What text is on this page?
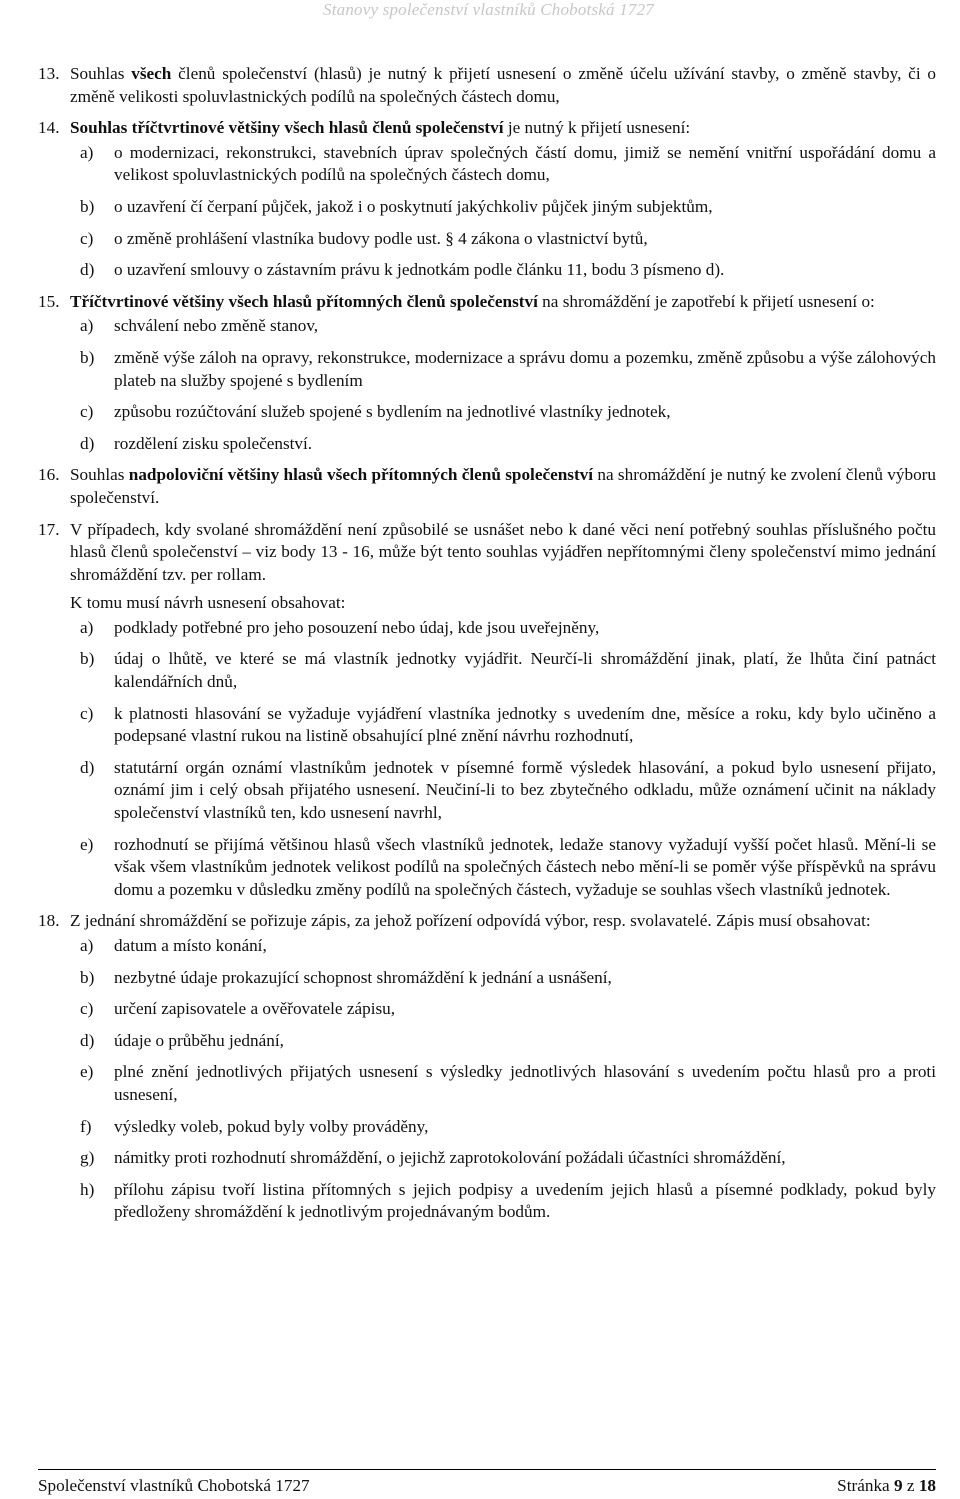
Stanovy společenství vlastníků Chobotská 1727
13. Souhlas všech členů společenství (hlasů) je nutný k přijetí usnesení o změně účelu užívání stavby, o změně stavby, či o změně velikosti spoluvlastnických podílů na společných částech domu,

14. Souhlas tříčtvrtinové většiny všech hlasů členů společenství je nutný k přijetí usnesení:

a) o modernizaci, rekonstrukci, stavebních úprav společných částí domu, jimiž se nemění vnitřní uspořádání domu a velikost spoluvlastnických podílů na společných částech domu,
b) o uzavření čí čerpaní půjček, jakož i o poskytnutí jakýchkoliv půjček jiným subjektům,
c) o změně prohlášení vlastníka budovy podle ust. § 4 zákona o vlastnictví bytů,
d) o uzavření smlouvy o zástavním právu k jednotkám podle článku 11, bodu 3 písmeno d).
15. Tříčtvrtinové většiny všech hlasů přítomných členů společenství na shromáždění je zapotřebí k přijetí usnesení o:

a) schválení nebo změně stanov,
b) změně výše záloh na opravy, rekonstrukce, modernizace a správu domu a pozemku, změně způsobu a výše zálohových plateb na služby spojené s bydlením
c) způsobu rozúčtování služeb spojené s bydlením na jednotlivé vlastníky jednotek,
d) rozdělení zisku společenství.
16. Souhlas nadpoloviční většiny hlasů všech přítomných členů společenství na shromáždění je nutný ke zvolení členů výboru společenství.

17. V případech, kdy svolané shromáždění není způsobilé se usnášet nebo k dané věci není potřebný souhlas příslušného počtu hlasů členů společenství – viz body 13 - 16, může být tento souhlas vyjádřen nepřítomnými členy společenství mimo jednání shromáždění tzv. per rollam.

K tomu musí návrh usnesení obsahovat:

a) podklady potřebné pro jeho posouzení nebo údaj, kde jsou uveřejněny,
b) údaj o lhůtě, ve které se má vlastník jednotky vyjádřit. Neurčí-li shromáždění jinak, platí, že lhůta činí patnáct kalendářních dnů,
c) k platnosti hlasování se vyžaduje vyjádření vlastníka jednotky s uvedením dne, měsíce a roku, kdy bylo učiněno a podepsané vlastní rukou na listině obsahující plné znění návrhu rozhodnutí,
d) statutární orgán oznámí vlastníkům jednotek v písemné formě výsledek hlasování, a pokud bylo usnesení přijato, oznámí jim i celý obsah přijatého usnesení. Neučiní-li to bez zbytečného odkladu, může oznámení učinit na náklady společenství vlastníků ten, kdo usnesení navrhl,
e) rozhodnutí se přijímá většinou hlasů všech vlastníků jednotek, ledaže stanovy vyžadují vyšší počet hlasů. Mění-li se však všem vlastníkům jednotek velikost podílů na společných částech nebo mění-li se poměr výše příspěvků na správu domu a pozemku v důsledku změny podílů na společných částech, vyžaduje se souhlas všech vlastníků jednotek.
18. Z jednání shromáždění se pořizuje zápis, za jehož pořízení odpovídá výbor, resp. svolavatelé. Zápis musí obsahovat:

a) datum a místo konání,
b) nezbytné údaje prokazující schopnost shromáždění k jednání a usnášení,
c) určení zapisovatele a ověřovatele zápisu,
d) údaje o průběhu jednání,
e) plné znění jednotlivých přijatých usnesení s výsledky jednotlivých hlasování s uvedením počtu hlasů pro a proti usnesení,
f) výsledky voleb, pokud byly volby prováděny,
g) námitky proti rozhodnutí shromáždění, o jejichž zaprotokolování požádali účastníci shromáždění,
h) přílohu zápisu tvoří listina přítomných s jejich podpisy a uvedením jejich hlasů a písemné podklady, pokud byly předloženy shromáždění k jednotlivým projednávaným bodům.
Společenství vlastníků Chobotská 1727	Stránka 9 z 18
